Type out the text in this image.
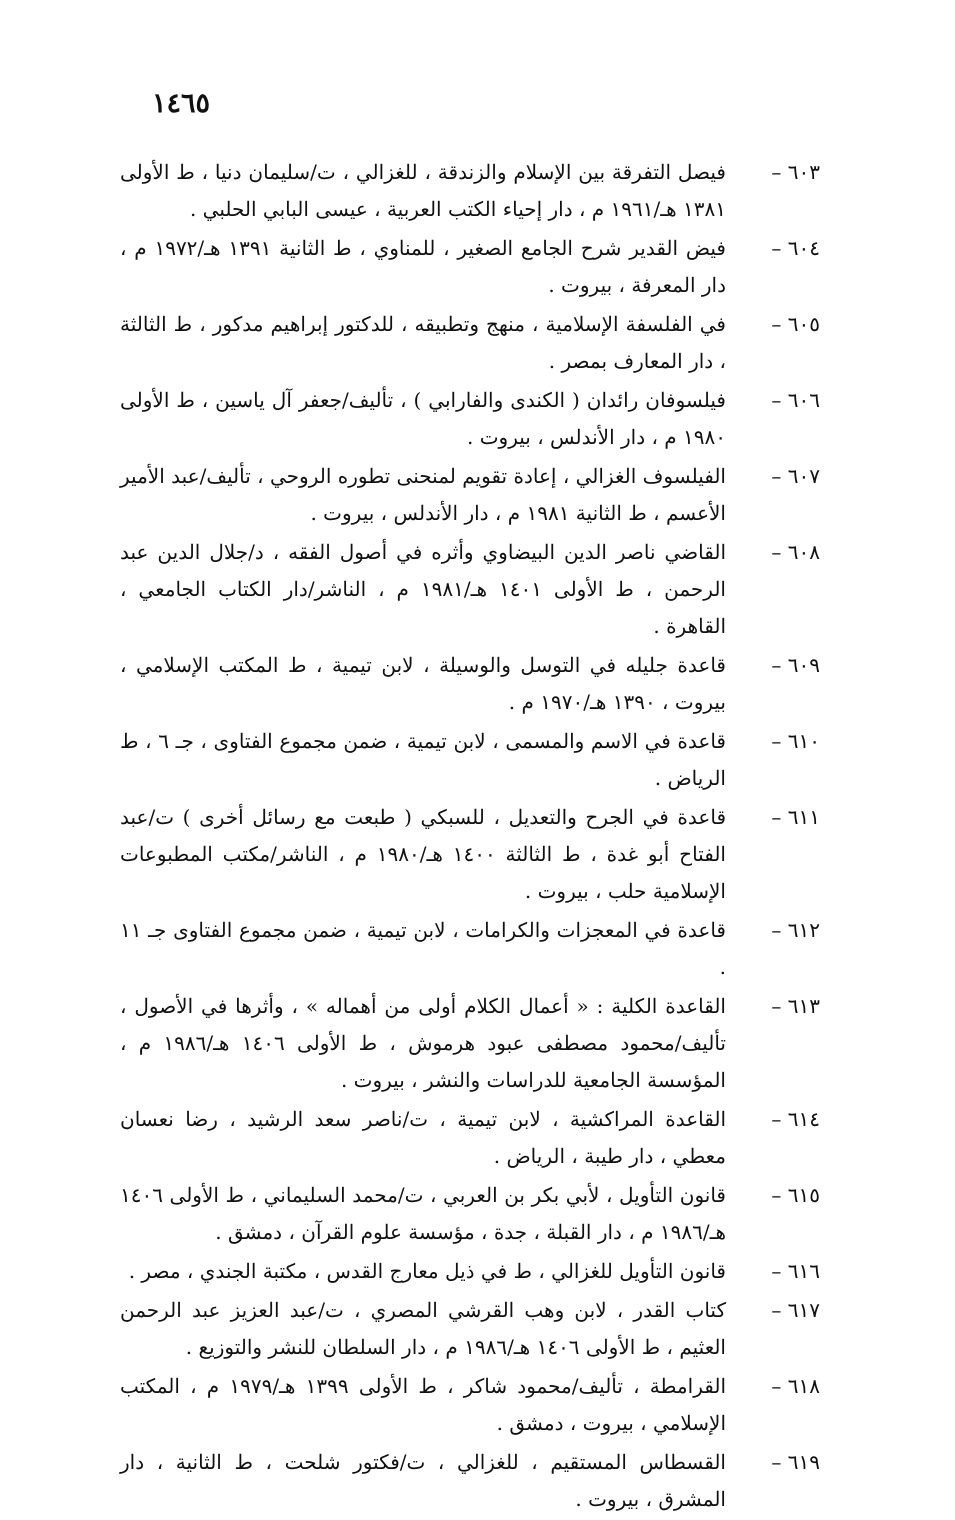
١٤٦٥
٦٠٣ –
فيصل التفرقة بين الإسلام والزندقة ، للغزالي ، ت/سليمان دنيا ، ط الأولى ١٣٨١ هـ/١٩٦١ م ، دار إحياء الكتب العربية ، عيسى البابي الحلبي .
٦٠٤ –
فيض القدير شرح الجامع الصغير ، للمناوي ، ط الثانية ١٣٩١ هـ/١٩٧٢ م ، دار المعرفة ، بيروت .
٦٠٥ –
في الفلسفة الإسلامية ، منهج وتطبيقه ، للدكتور إبراهيم مدكور ، ط الثالثة ، دار المعارف بمصر .
٦٠٦ –
فيلسوفان رائدان ( الكندى والفارابي ) ، تأليف/جعفر آل ياسين ، ط الأولى ١٩٨٠ م ، دار الأندلس ، بيروت .
٦٠٧ –
الفيلسوف الغزالي ، إعادة تقويم لمنحنى تطوره الروحي ، تأليف/عبد الأمير الأعسم ، ط الثانية ١٩٨١ م ، دار الأندلس ، بيروت .
٦٠٨ –
القاضي ناصر الدين البيضاوي وأثره في أصول الفقه ، د/جلال الدين عبد الرحمن ، ط الأولى ١٤٠١ هـ/١٩٨١ م ، الناشر/دار الكتاب الجامعي ، القاهرة .
٦٠٩ –
قاعدة جليله في التوسل والوسيلة ، لابن تيمية ، ط المكتب الإسلامي ، بيروت ، ١٣٩٠ هـ/١٩٧٠ م .
٦١٠ –
قاعدة في الاسم والمسمى ، لابن تيمية ، ضمن مجموع الفتاوى ، جـ ٦ ، ط الرياض .
٦١١ –
قاعدة في الجرح والتعديل ، للسبكي ( طبعت مع رسائل أخرى ) ت/عبد الفتاح أبو غدة ، ط الثالثة ١٤٠٠ هـ/١٩٨٠ م ، الناشر/مكتب المطبوعات الإسلامية حلب ، بيروت .
٦١٢ –
قاعدة في المعجزات والكرامات ، لابن تيمية ، ضمن مجموع الفتاوى جـ ١١ .
٦١٣ –
القاعدة الكلية : « أعمال الكلام أولى من أهماله » ، وأثرها في الأصول ، تأليف/محمود مصطفى عبود هرموش ، ط الأولى ١٤٠٦ هـ/١٩٨٦ م ، المؤسسة الجامعية للدراسات والنشر ، بيروت .
٦١٤ –
القاعدة المراكشية ، لابن تيمية ، ت/ناصر سعد الرشيد ، رضا نعسان معطي ، دار طيبة ، الرياض .
٦١٥ –
قانون التأويل ، لأبي بكر بن العربي ، ت/محمد السليماني ، ط الأولى ١٤٠٦ هـ/١٩٨٦ م ، دار القبلة ، جدة ، مؤسسة علوم القرآن ، دمشق .
٦١٦ –
قانون التأويل للغزالي ، ط في ذيل معارج القدس ، مكتبة الجندي ، مصر .
٦١٧ –
كتاب القدر ، لابن وهب القرشي المصري ، ت/عبد العزيز عبد الرحمن العثيم ، ط الأولى ١٤٠٦ هـ/١٩٨٦ م ، دار السلطان للنشر والتوزيع .
٦١٨ –
القرامطة ، تأليف/محمود شاكر ، ط الأولى ١٣٩٩ هـ/١٩٧٩ م ، المكتب الإسلامي ، بيروت ، دمشق .
٦١٩ –
القسطاس المستقيم ، للغزالي ، ت/فكتور شلحت ، ط الثانية ، دار المشرق ، بيروت .
